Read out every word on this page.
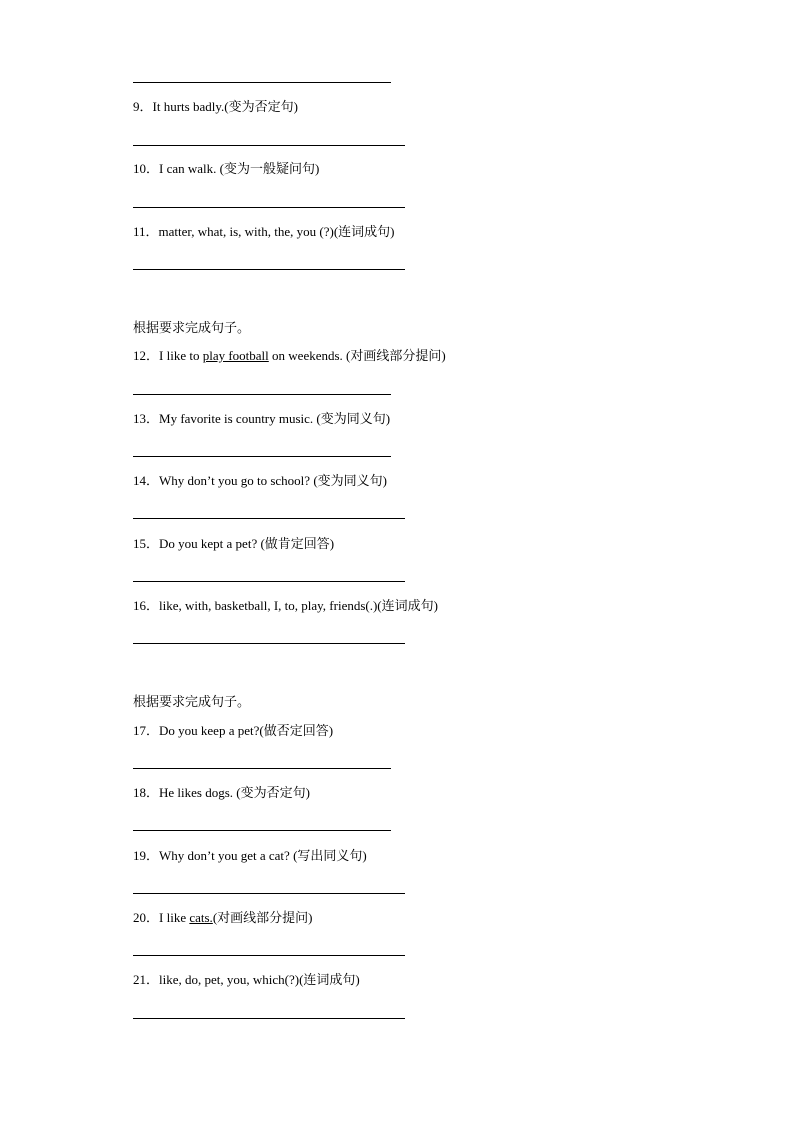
9．It hurts badly.(变为否定句)
10．I can walk. (变为一般疑问句)
11．matter, what, is, with, the, you (?)(连词成句)
根据要求完成句子。
12．I like to play football on weekends. (对画线部分提问)
13．My favorite is country music. (变为同义句)
14．Why don’t you go to school? (变为同义句)
15．Do you kept a pet? (做肯定回答)
16．like, with, basketball, I, to, play, friends(.)(连词成句)
根据要求完成句子。
17．Do you keep a pet?(做否定回答)
18．He likes dogs. (变为否定句)
19．Why don’t you get a cat? (写出同义句)
20．I like cats.(对画线部分提问)
21．like, do, pet, you, which(?)(连词成句)
